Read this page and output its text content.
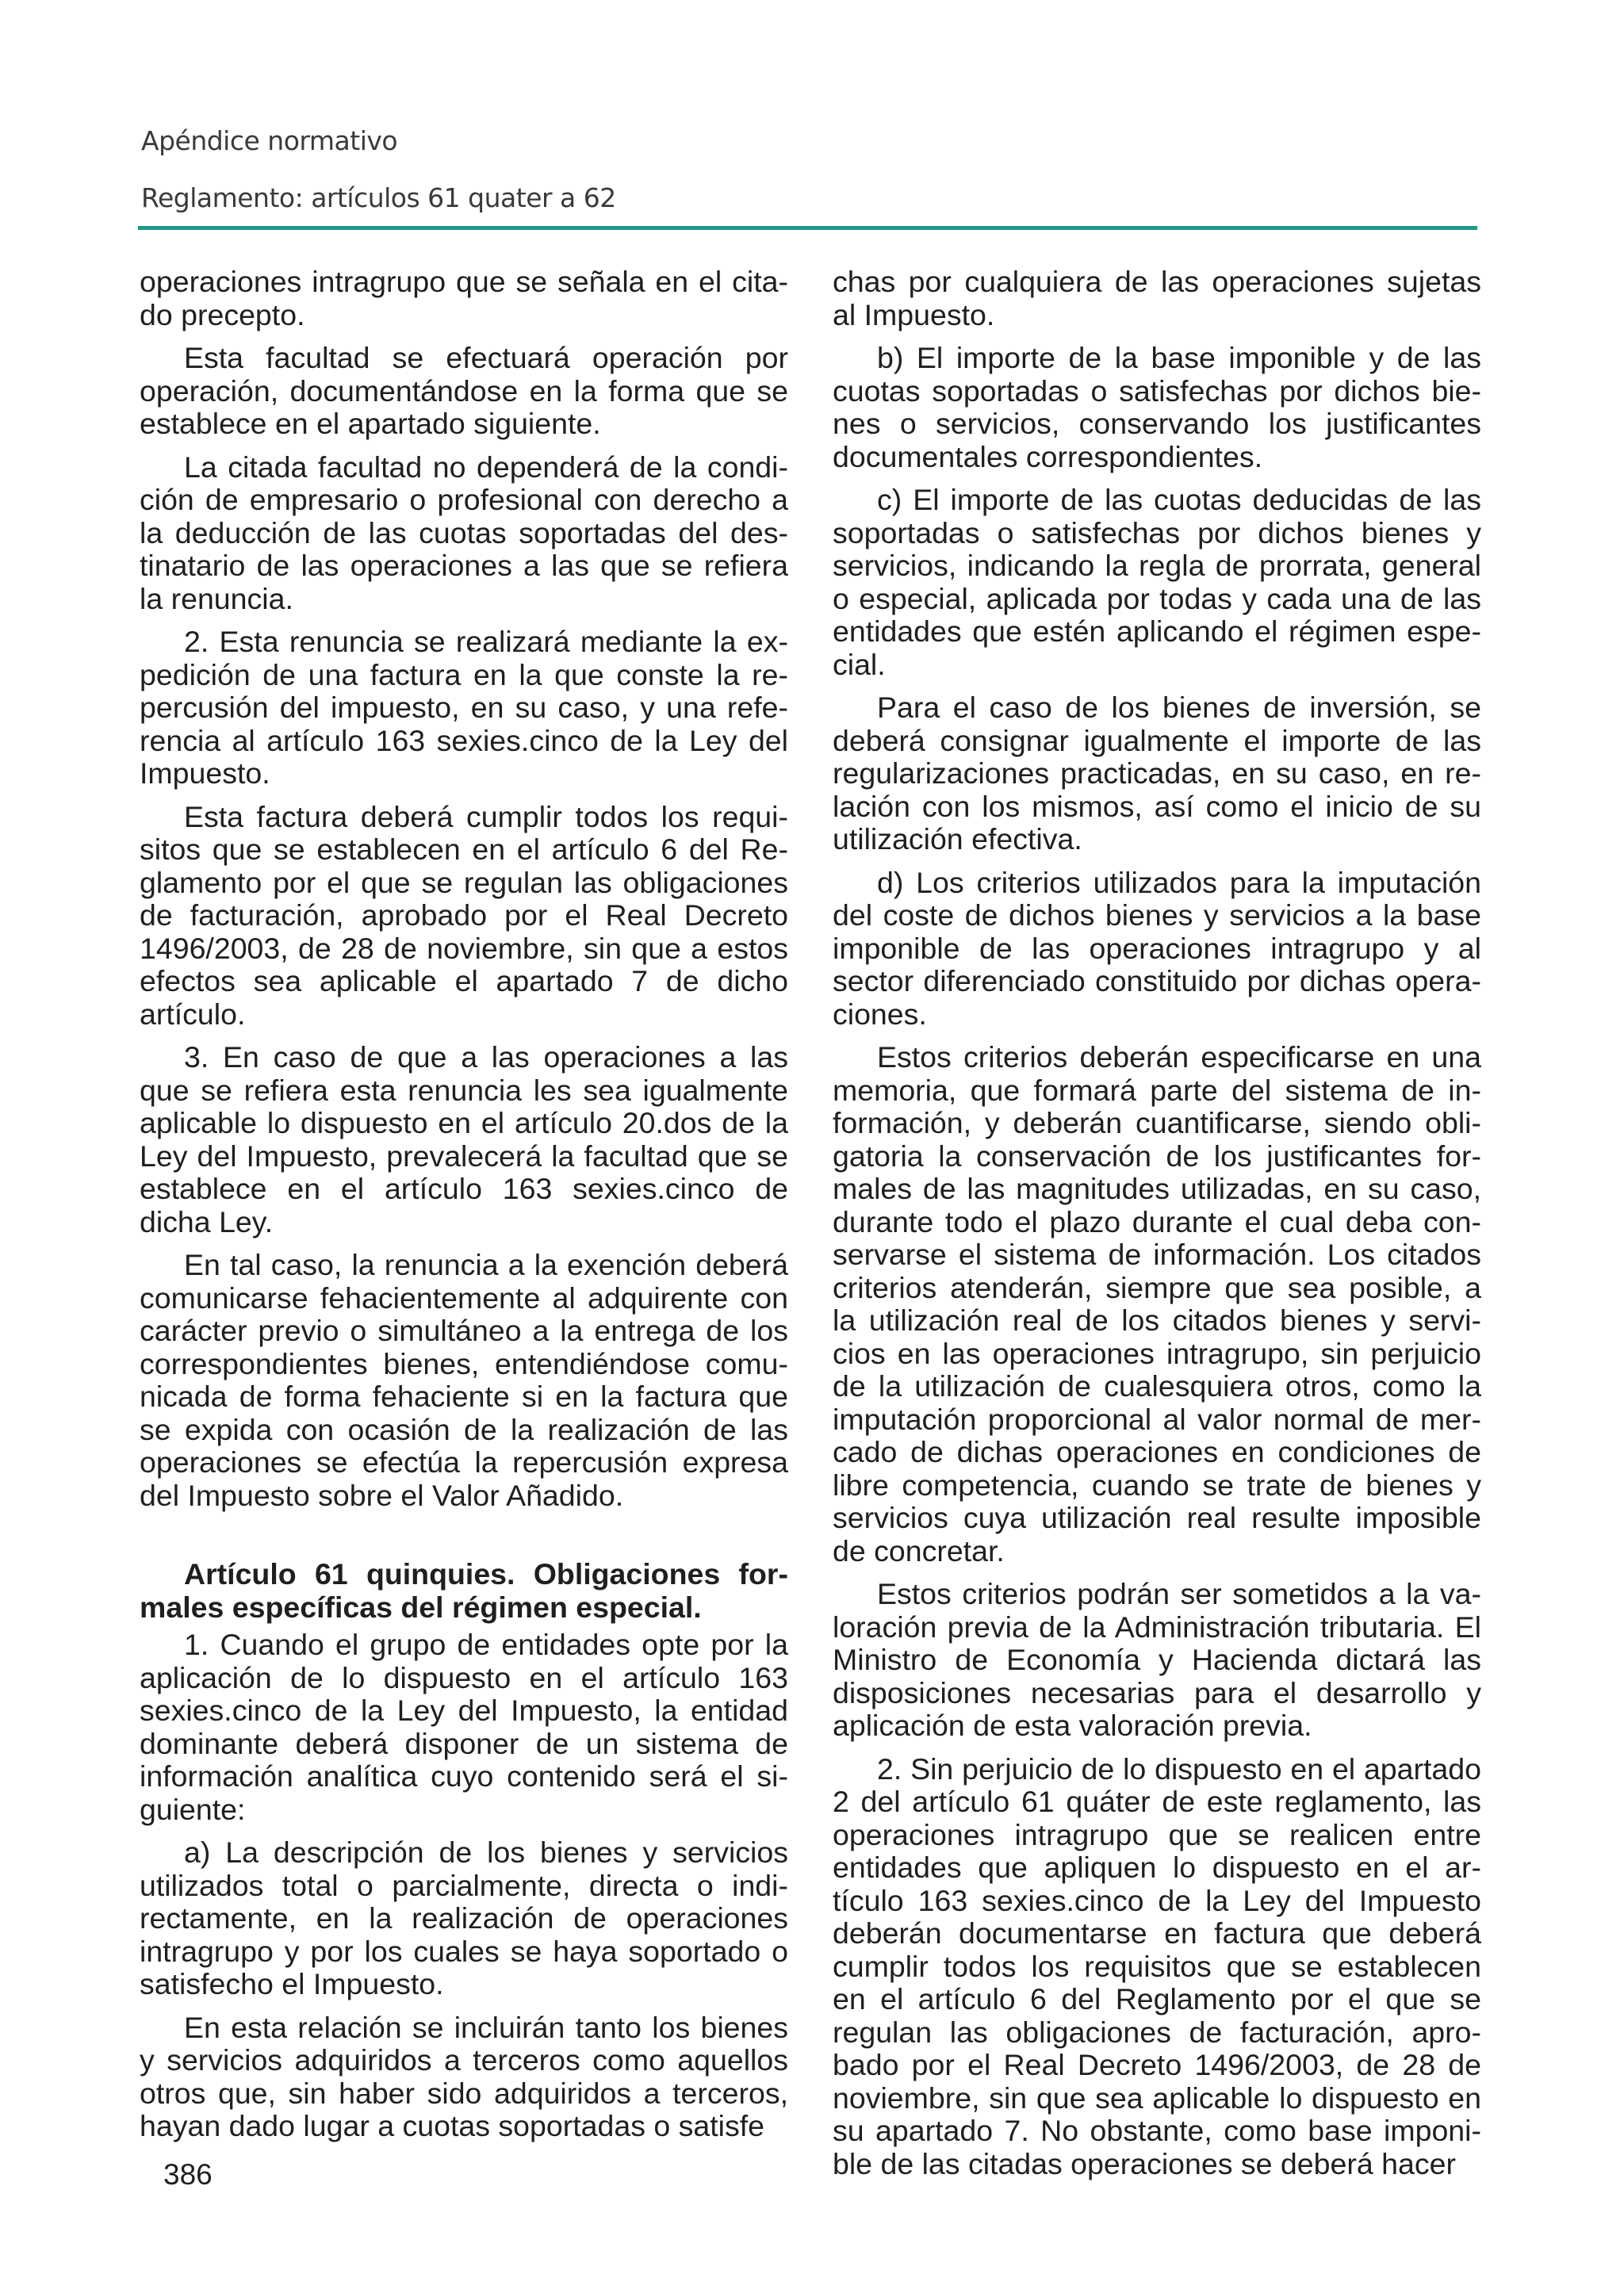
Apéndice normativo
Reglamento: artículos 61 quater a 62

operaciones intragrupo que se señala en el citado precepto.

Esta facultad se efectuará operación por operación, documentándose en la forma que se establece en el apartado siguiente.

La citada facultad no dependerá de la condición de empresario o profesional con derecho a la deducción de las cuotas soportadas del destinatario de las operaciones a las que se refiera la renuncia.

2. Esta renuncia se realizará mediante la expedición de una factura en la que conste la repercusión del impuesto, en su caso, y una referencia al artículo 163 sexies.cinco de la Ley del Impuesto.

Esta factura deberá cumplir todos los requisitos que se establecen en el artículo 6 del Reglamento por el que se regulan las obligaciones de facturación, aprobado por el Real Decreto 1496/2003, de 28 de noviembre, sin que a estos efectos sea aplicable el apartado 7 de dicho artículo.

3. En caso de que a las operaciones a las que se refiera esta renuncia les sea igualmente aplicable lo dispuesto en el artículo 20.dos de la Ley del Impuesto, prevalecerá la facultad que se establece en el artículo 163 sexies.cinco de dicha Ley.

En tal caso, la renuncia a la exención deberá comunicarse fehacientemente al adquirente con carácter previo o simultáneo a la entrega de los correspondientes bienes, entendiéndose comunicada de forma fehaciente si en la factura que se expida con ocasión de la realización de las operaciones se efectúa la repercusión expresa del Impuesto sobre el Valor Añadido.

Artículo 61 quinquies. Obligaciones formales específicas del régimen especial.

1. Cuando el grupo de entidades opte por la aplicación de lo dispuesto en el artículo 163 sexies.cinco de la Ley del Impuesto, la entidad dominante deberá disponer de un sistema de información analítica cuyo contenido será el siguiente:

a) La descripción de los bienes y servicios utilizados total o parcialmente, directa o indirectamente, en la realización de operaciones intragrupo y por los cuales se haya soportado o satisfecho el Impuesto.

En esta relación se incluirán tanto los bienes y servicios adquiridos a terceros como aquellos otros que, sin haber sido adquiridos a terceros, hayan dado lugar a cuotas soportadas o satisfe

chas por cualquiera de las operaciones sujetas al Impuesto.

b) El importe de la base imponible y de las cuotas soportadas o satisfechas por dichos bienes o servicios, conservando los justificantes documentales correspondientes.

c) El importe de las cuotas deducidas de las soportadas o satisfechas por dichos bienes y servicios, indicando la regla de prorrata, general o especial, aplicada por todas y cada una de las entidades que estén aplicando el régimen especial.

Para el caso de los bienes de inversión, se deberá consignar igualmente el importe de las regularizaciones practicadas, en su caso, en relación con los mismos, así como el inicio de su utilización efectiva.

d) Los criterios utilizados para la imputación del coste de dichos bienes y servicios a la base imponible de las operaciones intragrupo y al sector diferenciado constituido por dichas operaciones.

Estos criterios deberán especificarse en una memoria, que formará parte del sistema de información, y deberán cuantificarse, siendo obligatoria la conservación de los justificantes formales de las magnitudes utilizadas, en su caso, durante todo el plazo durante el cual deba conservarse el sistema de información. Los citados criterios atenderán, siempre que sea posible, a la utilización real de los citados bienes y servicios en las operaciones intragrupo, sin perjuicio de la utilización de cualesquiera otros, como la imputación proporcional al valor normal de mercado de dichas operaciones en condiciones de libre competencia, cuando se trate de bienes y servicios cuya utilización real resulte imposible de concretar.

Estos criterios podrán ser sometidos a la valoración previa de la Administración tributaria. El Ministro de Economía y Hacienda dictará las disposiciones necesarias para el desarrollo y aplicación de esta valoración previa.

2. Sin perjuicio de lo dispuesto en el apartado 2 del artículo 61 quáter de este reglamento, las operaciones intragrupo que se realicen entre entidades que apliquen lo dispuesto en el artículo 163 sexies.cinco de la Ley del Impuesto deberán documentarse en factura que deberá cumplir todos los requisitos que se establecen en el artículo 6 del Reglamento por el que se regulan las obligaciones de facturación, aprobado por el Real Decreto 1496/2003, de 28 de noviembre, sin que sea aplicable lo dispuesto en su apartado 7. No obstante, como base imponible de las citadas operaciones se deberá hacer

386
